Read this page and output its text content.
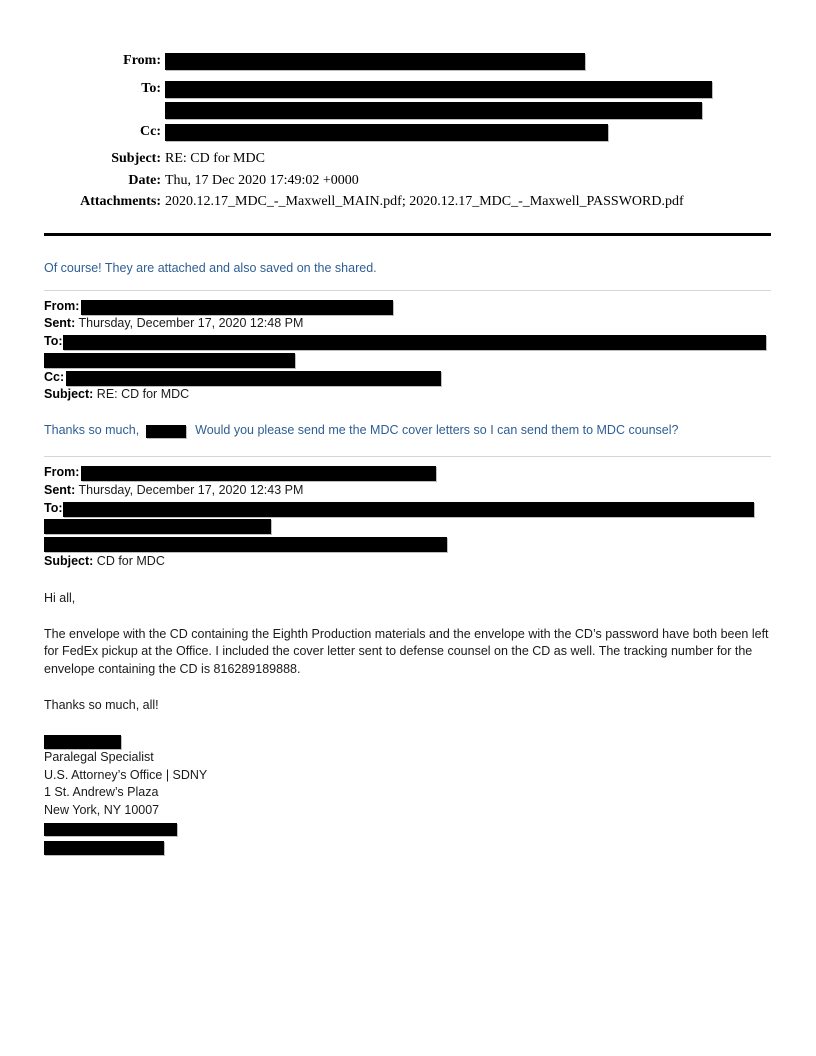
From:
To:
Cc:
Subject: RE: CD for MDC
Date: Thu, 17 Dec 2020 17:49:02 +0000
Attachments: 2020.12.17_MDC_-_Maxwell_MAIN.pdf; 2020.12.17_MDC_-_Maxwell_PASSWORD.pdf
Of course! They are attached and also saved on the shared.
From:
Sent: Thursday, December 17, 2020 12:48 PM
To:
Cc:
Subject: RE: CD for MDC
Thanks so much,	Would you please send me the MDC cover letters so I can send them to MDC counsel?
From:
Sent: Thursday, December 17, 2020 12:43 PM
To:
Subject: CD for MDC
Hi all,
The envelope with the CD containing the Eighth Production materials and the envelope with the CD’s password have both been left for FedEx pickup at the Office. I included the cover letter sent to defense counsel on the CD as well. The tracking number for the envelope containing the CD is 816289189888.
Thanks so much, all!
Paralegal Specialist
U.S. Attorney’s Office | SDNY
1 St. Andrew’s Plaza
New York, NY 10007
